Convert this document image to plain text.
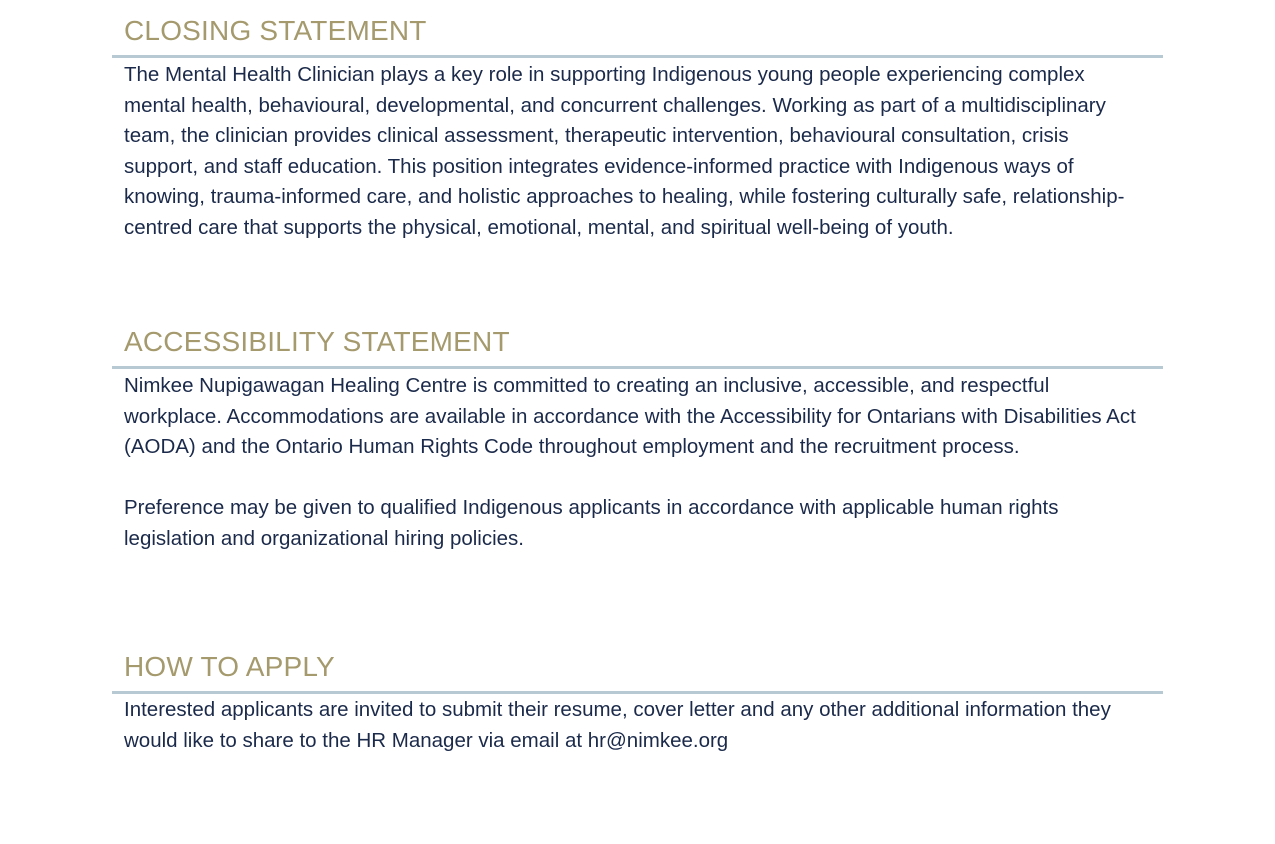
CLOSING STATEMENT

The Mental Health Clinician plays a key role in supporting Indigenous young people experiencing complex mental health, behavioural, developmental, and concurrent challenges. Working as part of a multidisciplinary team, the clinician provides clinical assessment, therapeutic intervention, behavioural consultation, crisis support, and staff education. This position integrates evidence-informed practice with Indigenous ways of knowing, trauma-informed care, and holistic approaches to healing, while fostering culturally safe, relationship-centred care that supports the physical, emotional, mental, and spiritual well-being of youth.

ACCESSIBILITY STATEMENT

Nimkee Nupigawagan Healing Centre is committed to creating an inclusive, accessible, and respectful workplace. Accommodations are available in accordance with the Accessibility for Ontarians with Disabilities Act (AODA) and the Ontario Human Rights Code throughout employment and the recruitment process.

Preference may be given to qualified Indigenous applicants in accordance with applicable human rights legislation and organizational hiring policies.

HOW TO APPLY

Interested applicants are invited to submit their resume, cover letter and any other additional information they would like to share to the HR Manager via email at hr@nimkee.org
